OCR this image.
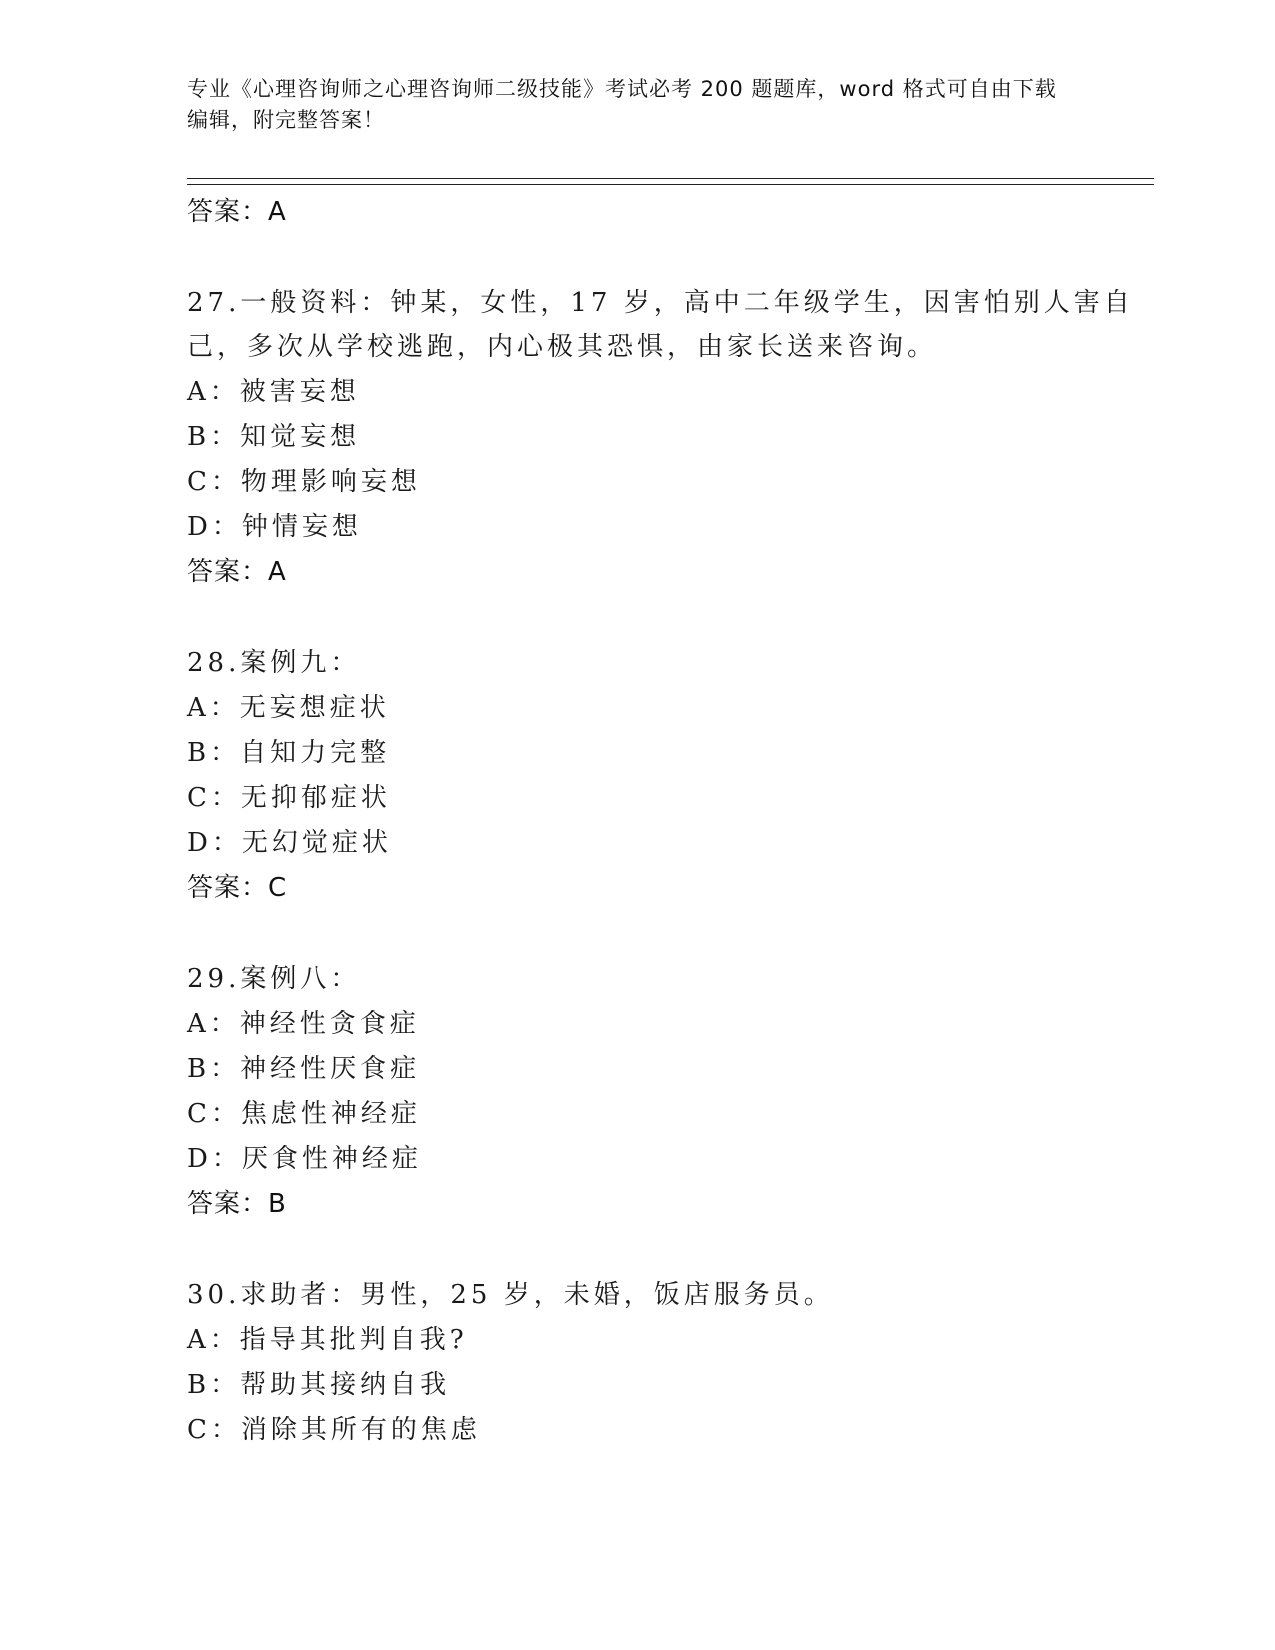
专业《心理咨询师之心理咨询师二级技能》考试必考 200 题题库，word 格式可自由下载编辑，附完整答案！
答案：A
27.一般资料：钟某，女性，17 岁，高中二年级学生，因害怕别人害自
己，多次从学校逃跑，内心极其恐惧，由家长送来咨询。
A：被害妄想
B：知觉妄想
C：物理影响妄想
D：钟情妄想
答案：A
28.案例九：
A：无妄想症状
B：自知力完整
C：无抑郁症状
D：无幻觉症状
答案：C
29.案例八：
A：神经性贪食症
B：神经性厌食症
C：焦虑性神经症
D：厌食性神经症
答案：B
30.求助者：男性，25 岁，未婚，饭店服务员。
A：指导其批判自我?
B：帮助其接纳自我
C：消除其所有的焦虑
